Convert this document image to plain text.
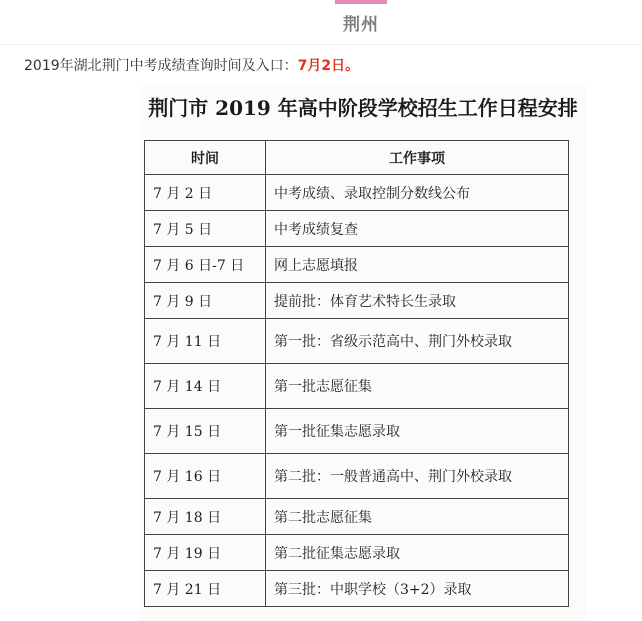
荆州
2019年湖北荆门中考成绩查询时间及入口：7月2日。
荆门市 2019 年高中阶段学校招生工作日程安排
时间	工作事项
7 月 2 日	中考成绩、录取控制分数线公布
7 月 5 日	中考成绩复查
7 月 6 日-7 日	网上志愿填报
7 月 9 日	提前批：体育艺术特长生录取
7 月 11 日	第一批：省级示范高中、荆门外校录取
7 月 14 日	第一批志愿征集
7 月 15 日	第一批征集志愿录取
7 月 16 日	第二批：一般普通高中、荆门外校录取
7 月 18 日	第二批志愿征集
7 月 19 日	第二批征集志愿录取
7 月 21 日	第三批：中职学校（3+2）录取
